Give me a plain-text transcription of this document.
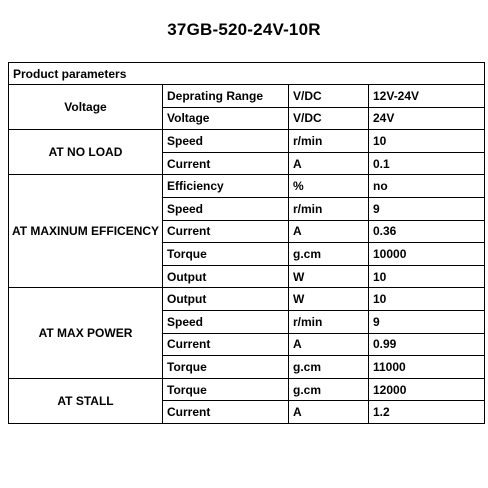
37GB-520-24V-10R
Product parameters			
Voltage	Deprating Range	V/DC	12V-24V
	Voltage	V/DC	24V
AT NO LOAD	Speed	r/min	10
	Current	A	0.1
AT MAXINUM EFFICENCY	Efficiency	%	no
	Speed	r/min	9
	Current	A	0.36
	Torque	g.cm	10000
	Output	W	10
AT MAX POWER	Output	W	10
	Speed	r/min	9
	Current	A	0.99
	Torque	g.cm	11000
AT STALL	Torque	g.cm	12000
	Current	A	1.2
